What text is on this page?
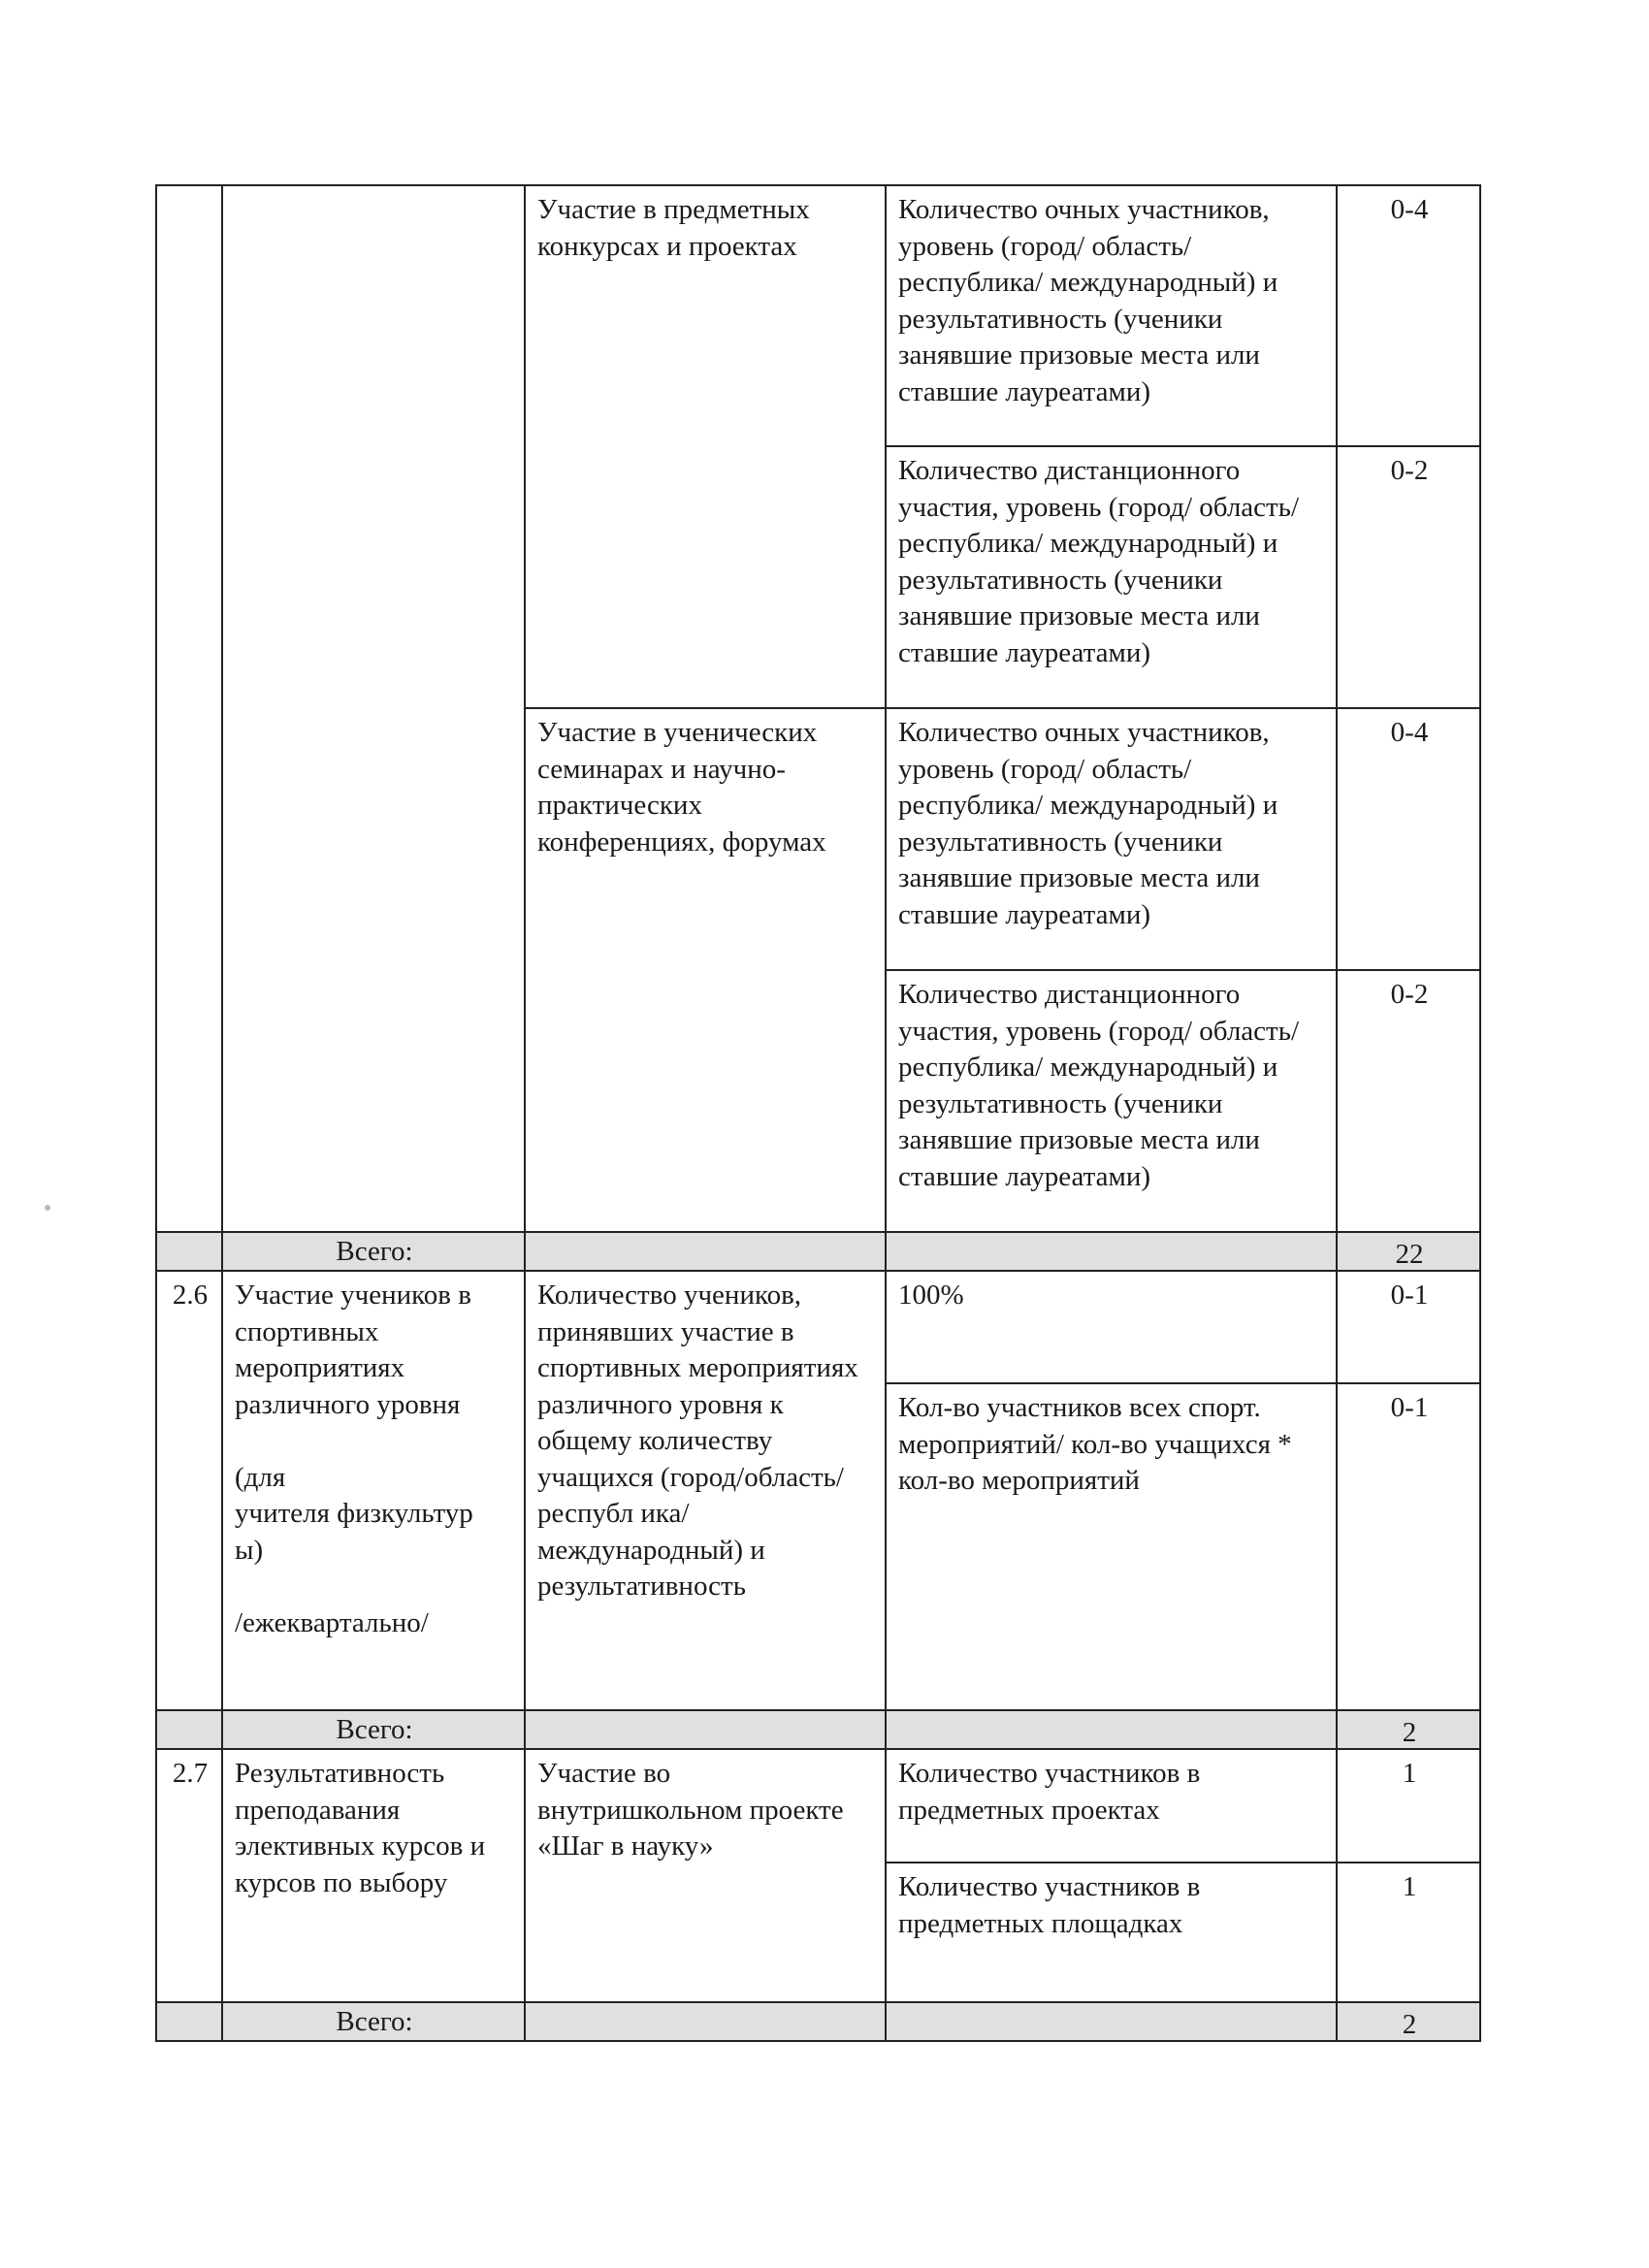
		Участие в предметных конкурсах и проектах	Количество очных участников, уровень (город/ область/ республика/ международный) и результативность (ученики занявшие призовые места или ставшие лауреатами)	0-4
			Количество дистанционного участия, уровень (город/ область/ республика/ международный) и результативность (ученики занявшие призовые места или ставшие лауреатами)	0-2
		Участие в ученических семинарах и научно-практических конференциях, форумах	Количество очных участников, уровень (город/ область/ республика/ международный) и результативность (ученики занявшие призовые места или ставшие лауреатами)	0-4
			Количество дистанционного участия, уровень (город/ область/ республика/ международный) и результативность (ученики занявшие призовые места или ставшие лауреатами)	0-2
	Всего:			22
2.6	Участие учеников в спортивных мероприятиях различного уровня

(для
учителя физкультур
ы)

/ежеквартально/	Количество учеников, принявших участие в спортивных мероприятиях различного уровня к общему количеству учащихся (город/область/республ ика/международный) и результативность	100%	0-1
			Кол-во участников всех спорт. мероприятий/ кол-во учащихся * кол-во мероприятий	0-1
	Всего:			2
2.7	Результативность преподавания элективных курсов и курсов по выбору	Участие во внутришкольном проекте «Шаг в науку»	Количество участников в предметных проектах	1
			Количество участников в предметных площадках	1
	Всего:			2
